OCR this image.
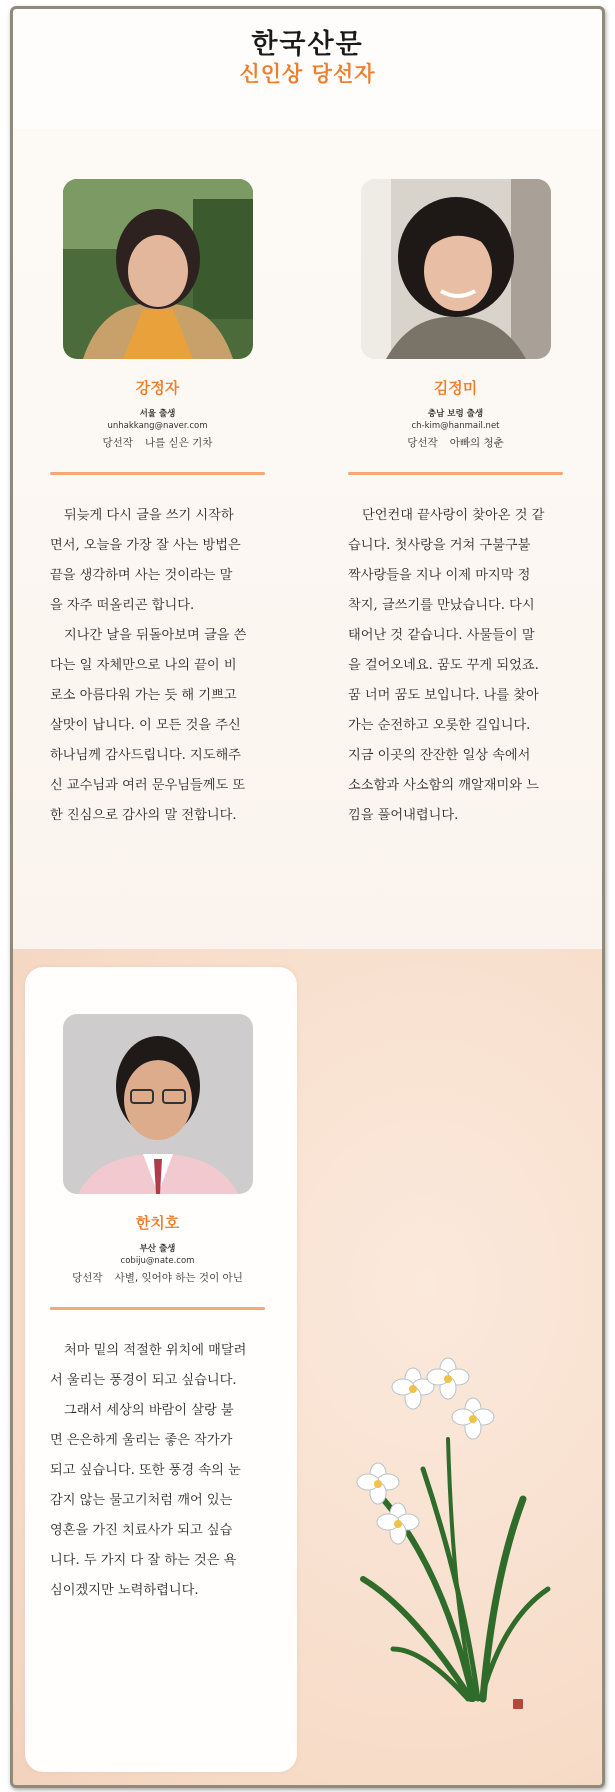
한국산문
신인상 당선자
강정자
서울 출생
unhakkang@naver.com
당선작 나를 싣은 기차

뒤늦게 다시 글을 쓰기 시작하
면서, 오늘을 가장 잘 사는 방법은
끝을 생각하며 사는 것이라는 말
을 자주 떠올리곤 합니다.

지나간 날을 뒤돌아보며 글을 쓴
다는 일 자체만으로 나의 끝이 비
로소 아름다워 가는 듯 해 기쁘고
살맛이 납니다. 이 모든 것을 주신
하나님께 감사드립니다. 지도해주
신 교수님과 여러 문우님들께도 또
한 진심으로 감사의 말 전합니다.

김정미
충남 보령 출생
ch-kim@hanmail.net
당선작 아빠의 청춘

단언컨대 끝사랑이 찾아온 것 같
습니다. 첫사랑을 거쳐 구불구불
짝사랑들을 지나 이제 마지막 정
착지, 글쓰기를 만났습니다. 다시
태어난 것 같습니다. 사물들이 말
을 걸어오네요. 꿈도 꾸게 되었죠.
꿈 너머 꿈도 보입니다. 나를 찾아
가는 순전하고 오롯한 길입니다.
지금 이곳의 잔잔한 일상 속에서
소소함과 사소함의 깨알재미와 느
낌을 풀어내렵니다.

한치호
부산 출생
cobiju@nate.com
당선작 사별, 잊어야 하는 것이 아닌

처마 밑의 적절한 위치에 매달려
서 울리는 풍경이 되고 싶습니다.

그래서 세상의 바람이 살랑 불
면 은은하게 울리는 좋은 작가가
되고 싶습니다. 또한 풍경 속의 눈
감지 않는 물고기처럼 깨어 있는
영혼을 가진 치료사가 되고 싶습
니다. 두 가지 다 잘 하는 것은 욕
심이겠지만 노력하렵니다.
